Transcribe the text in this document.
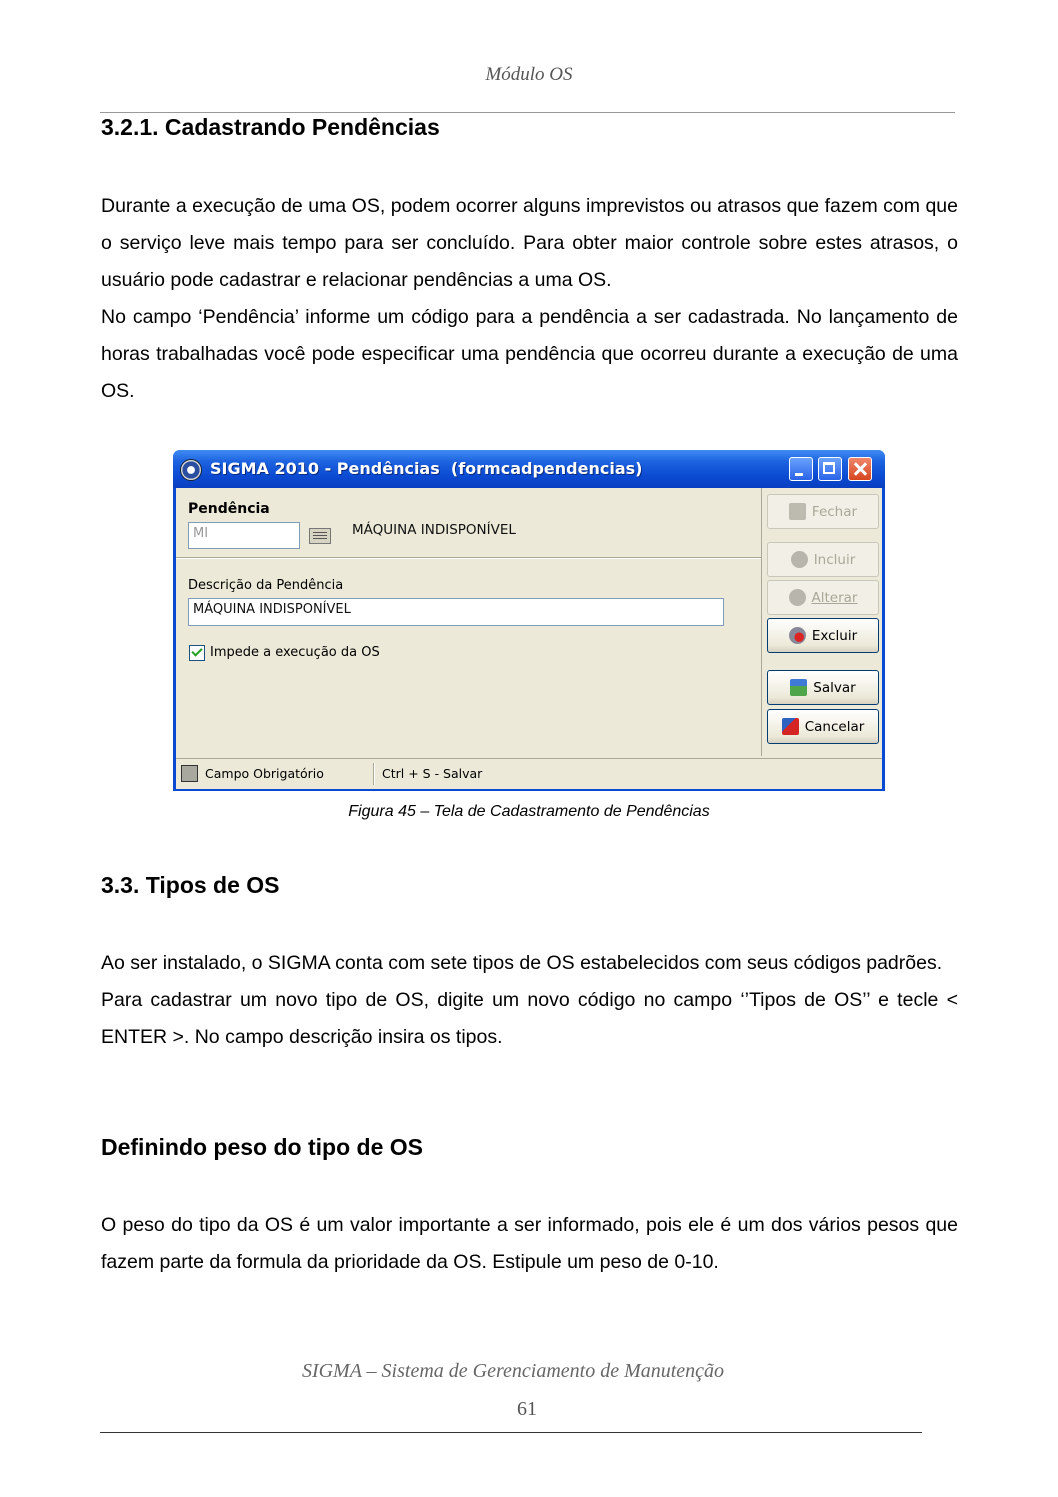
Módulo OS
3.2.1. Cadastrando Pendências
Durante a execução de uma OS, podem ocorrer alguns imprevistos ou atrasos que fazem com que o serviço leve mais tempo para ser concluído. Para obter maior controle sobre estes atrasos, o usuário pode cadastrar e relacionar pendências a uma OS.
No campo ‘Pendência’ informe um código para a pendência a ser cadastrada. No lançamento de horas trabalhadas você pode especificar uma pendência que ocorreu durante a execução de uma OS.
SIGMA 2010 - Pendências  (formcadpendencias)
Pendência
MI	MÁQUINA INDISPONÍVEL
Descrição da Pendência
MÁQUINA INDISPONÍVEL
Impede a execução da OS
Fechar
Incluir
Alterar
Excluir
Salvar
Cancelar
Campo Obrigatório	Ctrl + S - Salvar
Figura 45 – Tela de Cadastramento de Pendências
3.3. Tipos de OS
Ao ser instalado, o SIGMA conta com sete tipos de OS estabelecidos com seus códigos padrões.
Para cadastrar um novo tipo de OS, digite um novo código no campo ‘’Tipos de OS’’ e tecle < ENTER >. No campo descrição insira os tipos.
Definindo peso do tipo de OS
O peso do tipo da OS é um valor importante a ser informado, pois ele é um dos vários pesos que fazem parte da formula da prioridade da OS. Estipule um peso de 0-10.
SIGMA – Sistema de Gerenciamento de Manutenção
61
